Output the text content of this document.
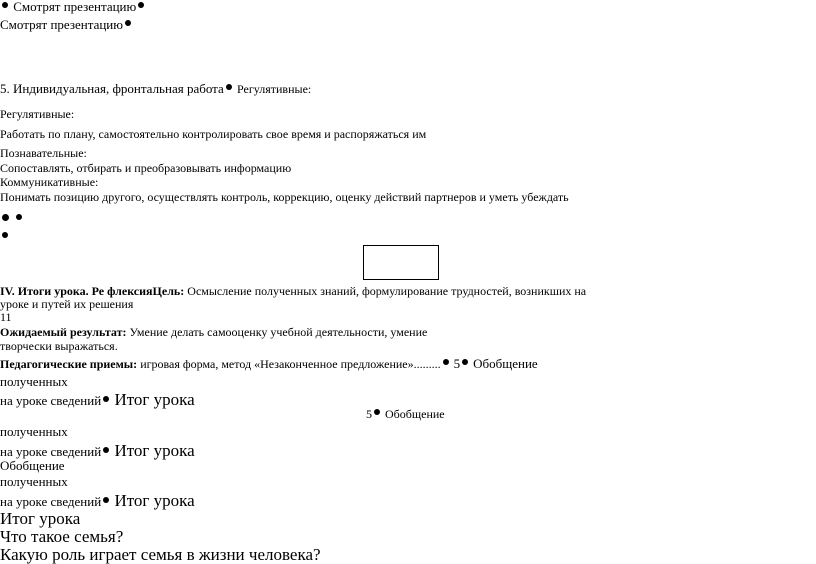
Смотрят презентацию
Смотрят презентацию
5. Индивидуальная, фронтальная работа Регулятивные:
Регулятивные:
Работать по плану, самостоятельно контролировать свое время и распоряжаться им
Познавательные:
Сопоставлять, отбирать и преобразовывать информацию
Коммуникативные:
Понимать позицию другого, осуществлять контроль, коррекцию, оценку действий партнеров и уметь убеждать

IV. Итоги урока. Ре флексияЦель: Осмысление полученных знаний, формулирование трудностей, возникших на
уроке и путей их решения
11
Ожидаемый результат: Умение делать самооценку учебной деятельности, умение
творчески выражаться.
Педагогические приемы: игровая форма, метод «Незаконченное предложение»......... 5 Обобщение
полученных
на уроке сведений Итог урока
5 Обобщение
полученных
на уроке сведений Итог урока
Обобщение
полученных
на уроке сведений Итог урока
Итог урока
Что такое семья?
Какую роль играет семья в жизни человека?
